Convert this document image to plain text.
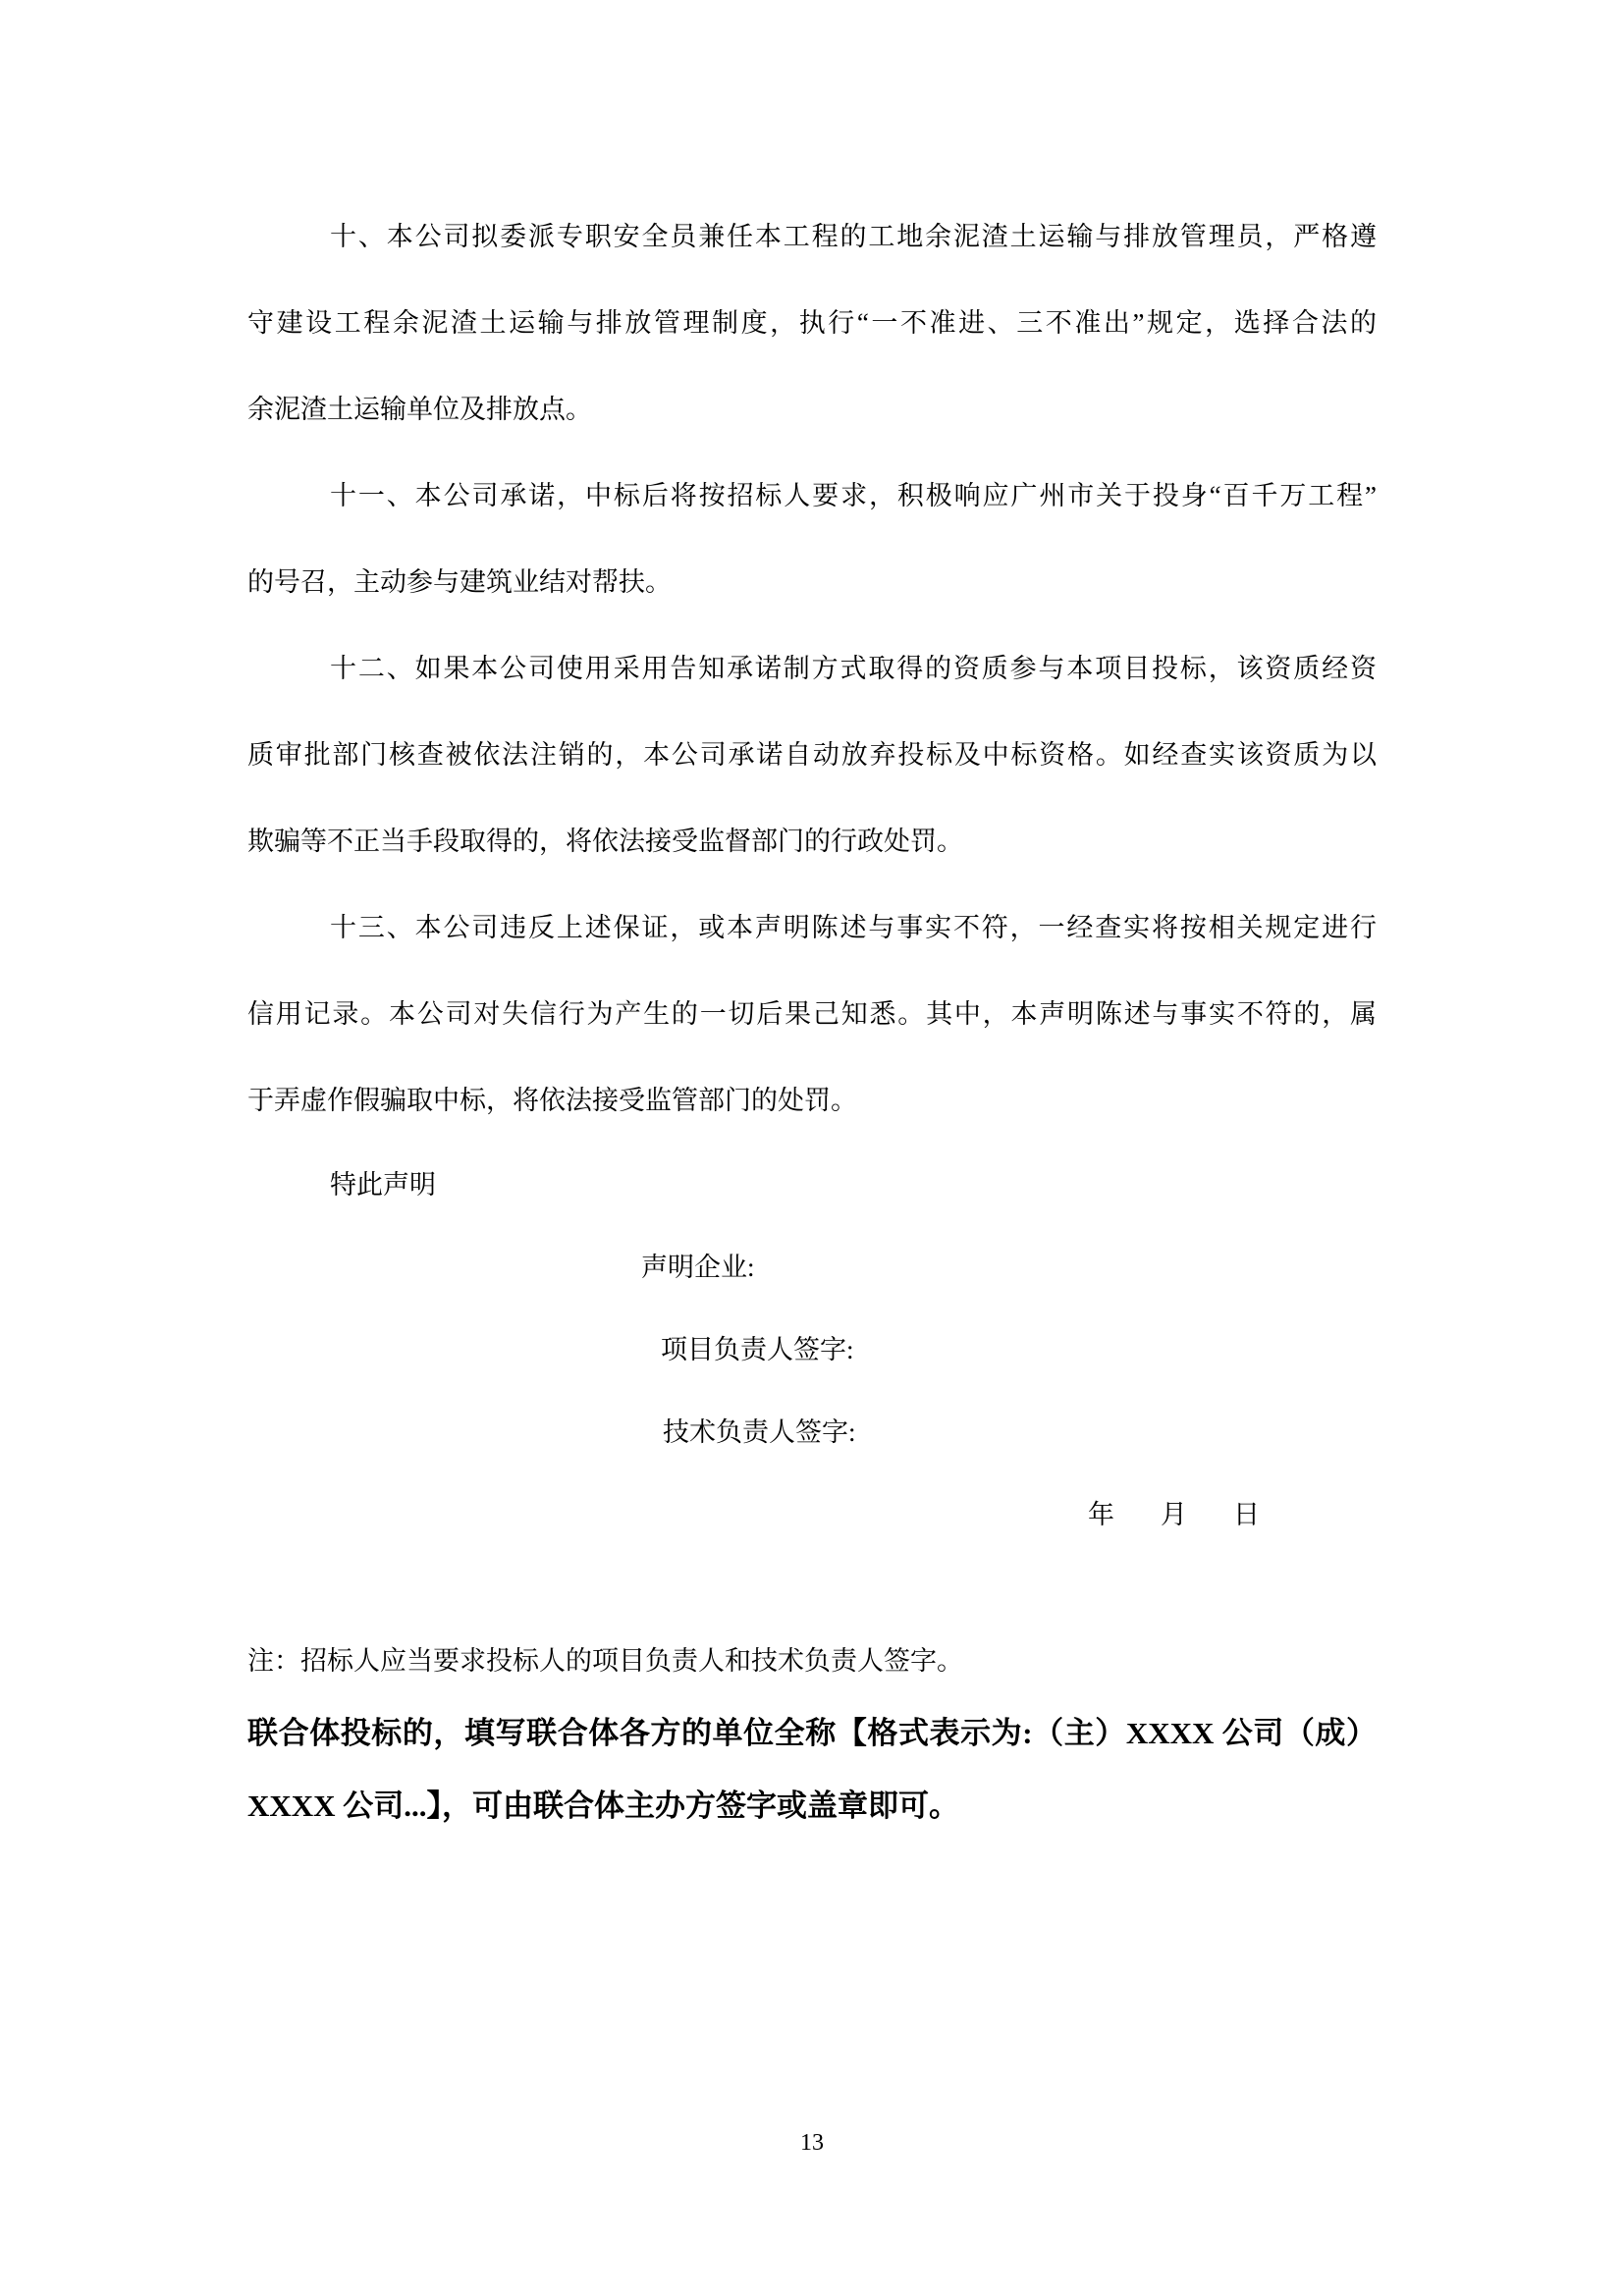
十、本公司拟委派专职安全员兼任本工程的工地余泥渣土运输与排放管理员，严格遵
守建设工程余泥渣土运输与排放管理制度，执行“一不准进、三不准出”规定，选择合法的
余泥渣土运输单位及排放点。
十一、本公司承诺，中标后将按招标人要求，积极响应广州市关于投身“百千万工程”
的号召，主动参与建筑业结对帮扶。
十二、如果本公司使用采用告知承诺制方式取得的资质参与本项目投标，该资质经资
质审批部门核查被依法注销的，本公司承诺自动放弃投标及中标资格。如经查实该资质为以
欺骗等不正当手段取得的，将依法接受监督部门的行政处罚。
十三、本公司违反上述保证，或本声明陈述与事实不符，一经查实将按相关规定进行
信用记录。本公司对失信行为产生的一切后果己知悉。其中，本声明陈述与事实不符的，属
于弄虚作假骗取中标，将依法接受监管部门的处罚。
特此声明
声明企业:
项目负责人签字:
技术负责人签字:
年　月　日
注：招标人应当要求投标人的项目负责人和技术负责人签字。
联合体投标的，填写联合体各方的单位全称【格式表示为:（主）XXXX 公司（成）
XXXX 公司...】，可由联合体主办方签字或盖章即可。
13
